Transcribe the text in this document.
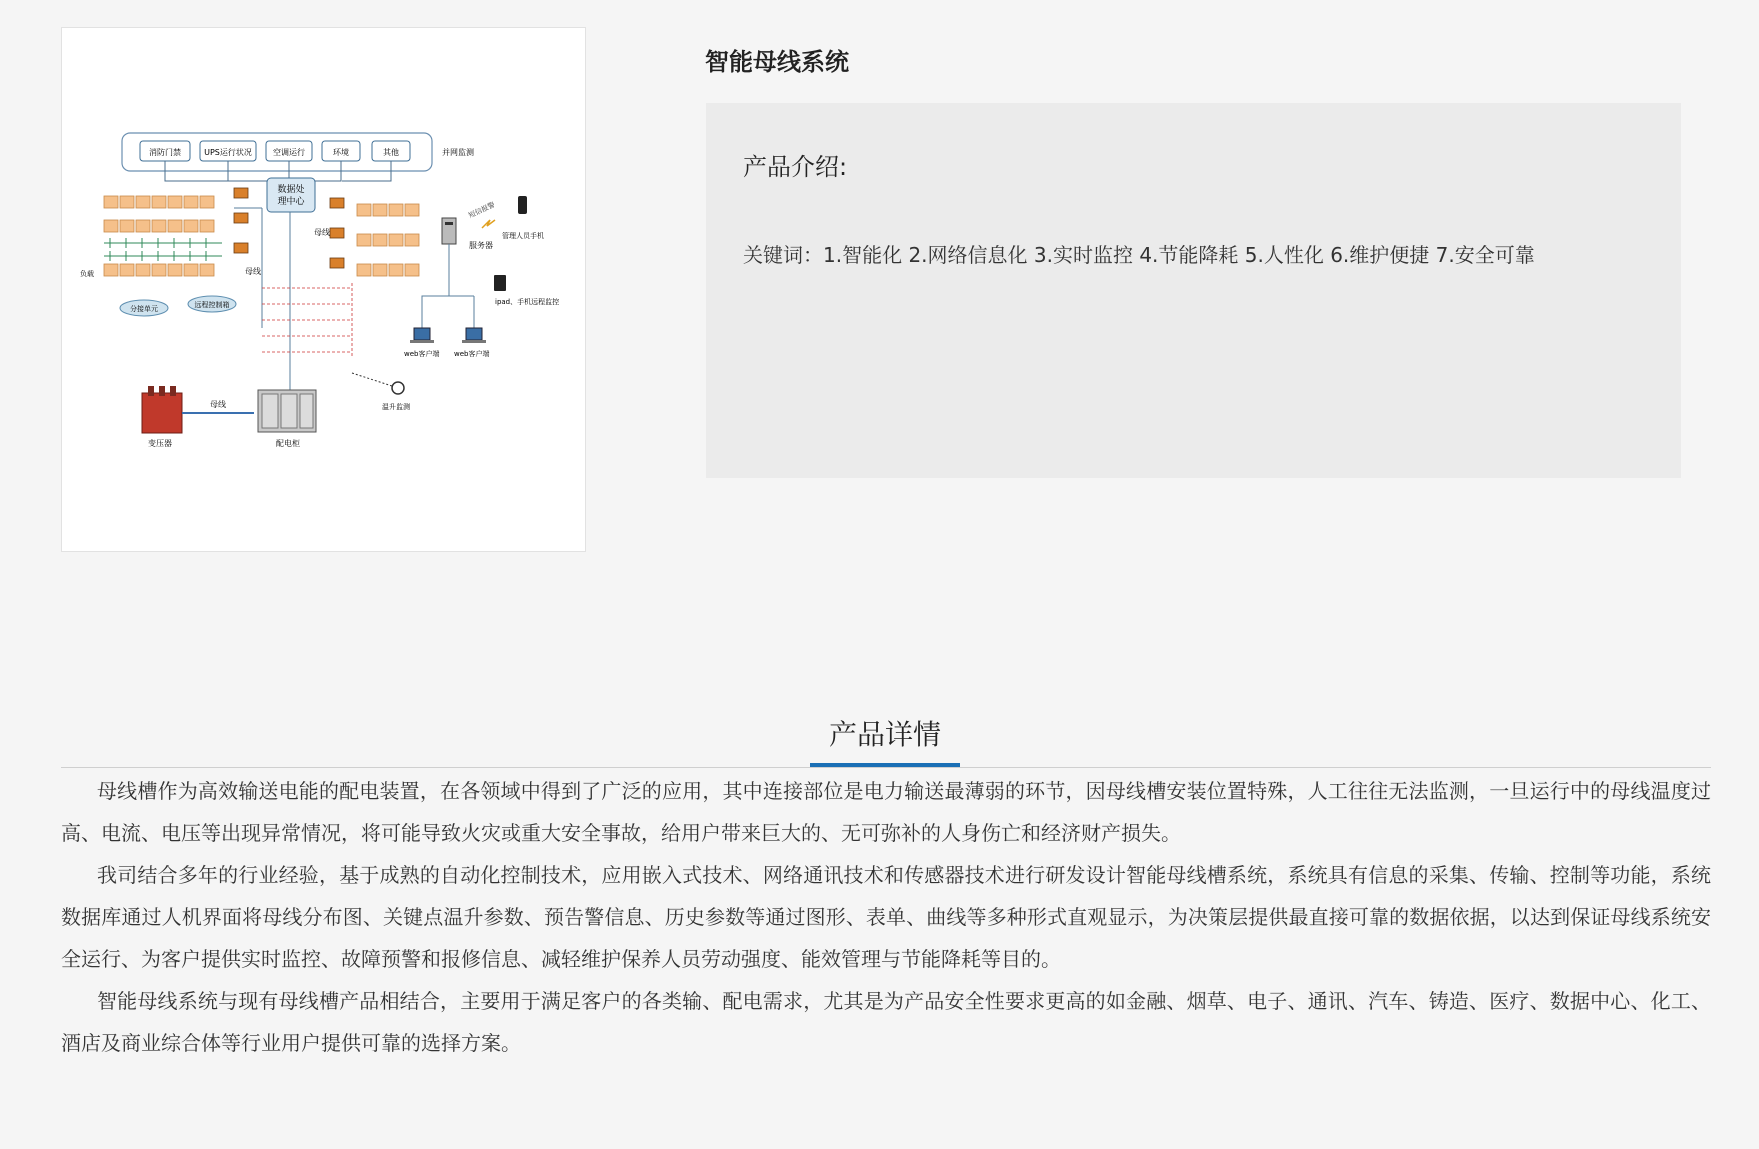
消防门禁	UPS运行状况	空调运行	环境	其他	并网监测
数据处
理中心
母线
母线
负载
分接单元	远程控制箱
服务器
短信报警
管理人员手机
ipad、手机远程监控
web客户端 web客户端
温升监测
变压器
母线
配电柜
智能母线系统
产品介绍:
关键词：1.智能化 2.网络信息化 3.实时监控 4.节能降耗 5.人性化 6.维护便捷 7.安全可靠
产品详情

母线槽作为高效输送电能的配电装置，在各领域中得到了广泛的应用，其中连接部位是电力输送最薄弱的环节，因母线槽安装位置特殊，人工往往无法监测，一旦运行中的母线温度过高、电流、电压等出现异常情况，将可能导致火灾或重大安全事故，给用户带来巨大的、无可弥补的人身伤亡和经济财产损失。

我司结合多年的行业经验，基于成熟的自动化控制技术，应用嵌入式技术、网络通讯技术和传感器技术进行研发设计智能母线槽系统，系统具有信息的采集、传输、控制等功能，系统数据库通过人机界面将母线分布图、关键点温升参数、预告警信息、历史参数等通过图形、表单、曲线等多种形式直观显示，为决策层提供最直接可靠的数据依据，以达到保证母线系统安全运行、为客户提供实时监控、故障预警和报修信息、减轻维护保养人员劳动强度、能效管理与节能降耗等目的。

智能母线系统与现有母线槽产品相结合，主要用于满足客户的各类输、配电需求，尤其是为产品安全性要求更高的如金融、烟草、电子、通讯、汽车、铸造、医疗、数据中心、化工、酒店及商业综合体等行业用户提供可靠的选择方案。
